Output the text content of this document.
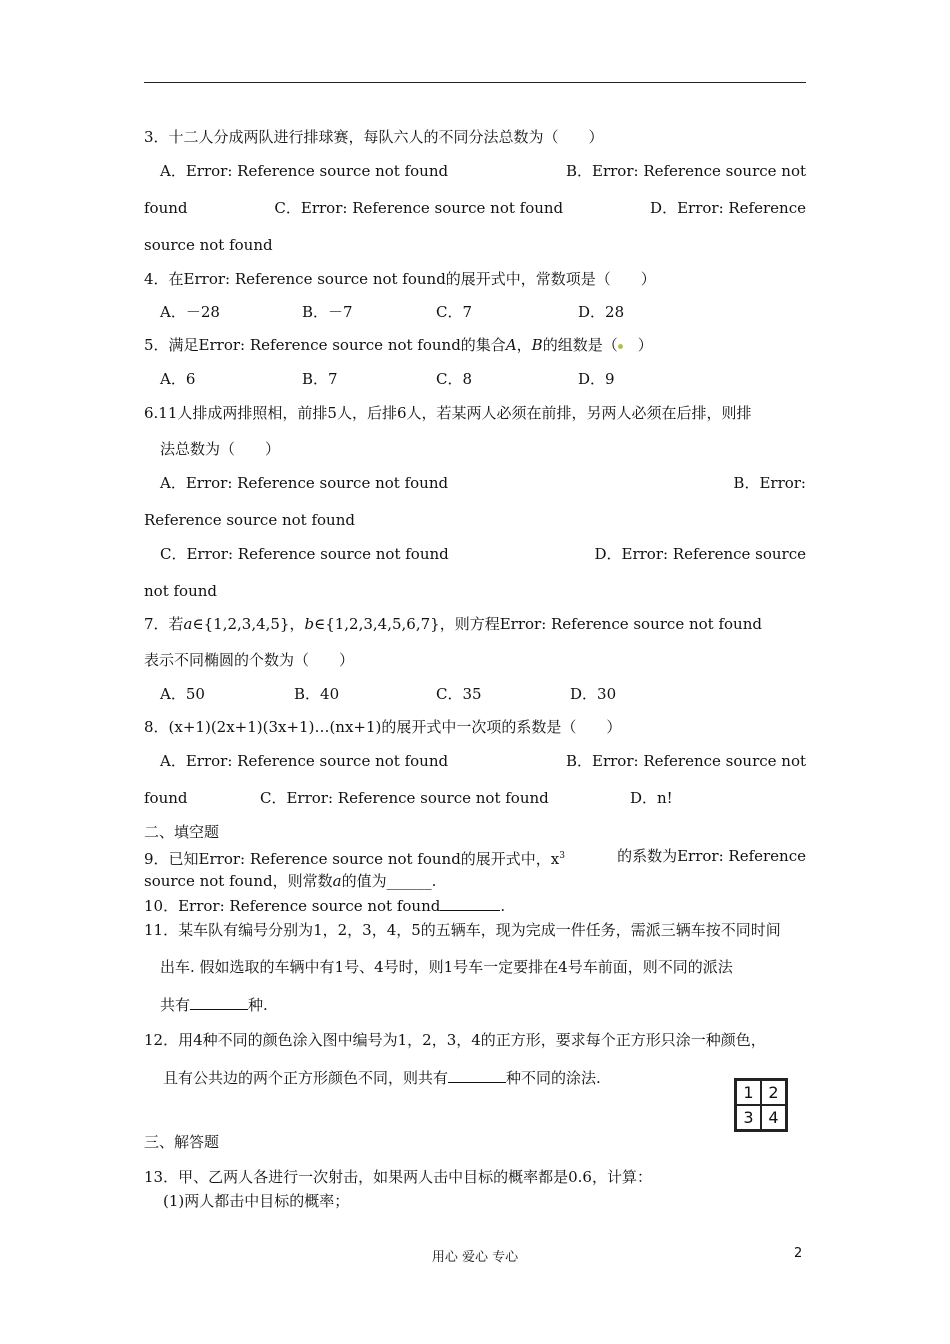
3．十二人分成两队进行排球赛，每队六人的不同分法总数为（　　）
A．Error: Reference source not found	B．Error: Reference source not
found	C．Error: Reference source not found	D．Error: Reference
source not found
4．在Error: Reference source not found的展开式中，常数项是（　　）
A．－28	B．－7	C．7	D．28
5．满足Error: Reference source not found的集合A，B的组数是（　）
A．6	B．7	C．8	D．9
6.11人排成两排照相，前排5人，后排6人，若某两人必须在前排，另两人必须在后排，则排
法总数为（　　）
A．Error: Reference source not found	B．Error:
Reference source not found
C．Error: Reference source not found	D．Error: Reference source
not found
7．若a∈{1,2,3,4,5}，b∈{1,2,3,4,5,6,7}，则方程Error: Reference source not found
表示不同椭圆的个数为（　　）
A．50	B．40	C．35	D．30
8．(x+1)(2x+1)(3x+1)…(nx+1)的展开式中一次项的系数是（　　）
A．Error: Reference source not found	B．Error: Reference source not
found	C．Error: Reference source not found	D．n!
二、填空题
9．已知Error: Reference source not found的展开式中，$x^3$	的系数为Error: Reference
source not found，则常数a的值为______.
10．Error: Reference source not found	.
11．某车队有编号分别为1，2，3，4，5的五辆车，现为完成一件任务，需派三辆车按不同时间
出车. 假如选取的车辆中有1号、4号时，则1号车一定要排在4号车前面，则不同的派法
共有	种.
12．用4种不同的颜色涂入图中编号为1，2，3，4的正方形，要求每个正方形只涂一种颜色，
且有公共边的两个正方形颜色不同，则共有	种不同的涂法.
1 2
3 4
三、解答题
13．甲、乙两人各进行一次射击，如果两人击中目标的概率都是0.6，计算：
(1)两人都击中目标的概率；
用心 爱心 专心	2
